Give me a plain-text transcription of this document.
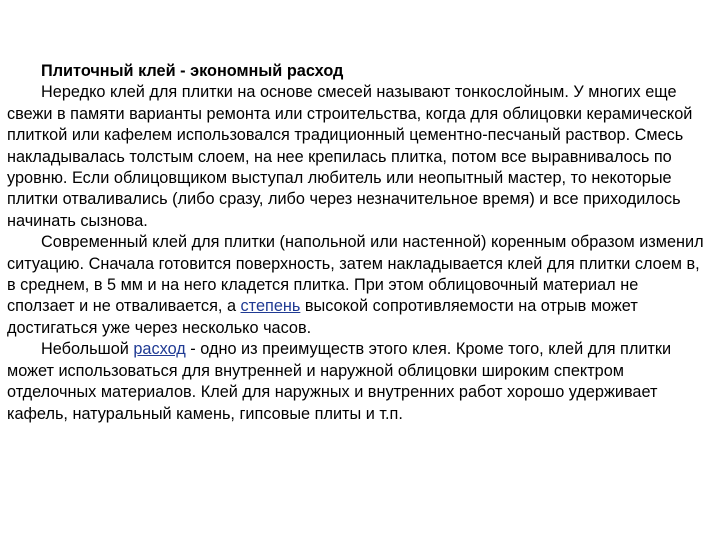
Плиточный клей - экономный расход

Нередко клей для плитки на основе смесей называют тонкослойным. У многих еще свежи в памяти варианты ремонта или строительства, когда для облицовки керамической плиткой или кафелем использовался традиционный цементно-песчаный раствор. Смесь накладывалась толстым слоем, на нее крепилась плитка, потом все выравнивалось по уровню. Если облицовщиком выступал любитель или неопытный мастер, то некоторые плитки отваливались (либо сразу, либо через незначительное время) и все приходилось начинать сызнова.

Современный клей для плитки (напольной или настенной) коренным образом изменил ситуацию. Сначала готовится поверхность, затем накладывается клей для плитки слоем в, в среднем, в 5 мм и на него кладется плитка. При этом облицовочный материал не сползает и не отваливается, а степень высокой сопротивляемости на отрыв может достигаться уже через несколько часов.

Небольшой расход - одно из преимуществ этого клея. Кроме того, клей для плитки может использоваться для внутренней и наружной облицовки широким спектром отделочных материалов. Клей для наружных и внутренних работ хорошо удерживает кафель, натуральный камень, гипсовые плиты и т.п.
